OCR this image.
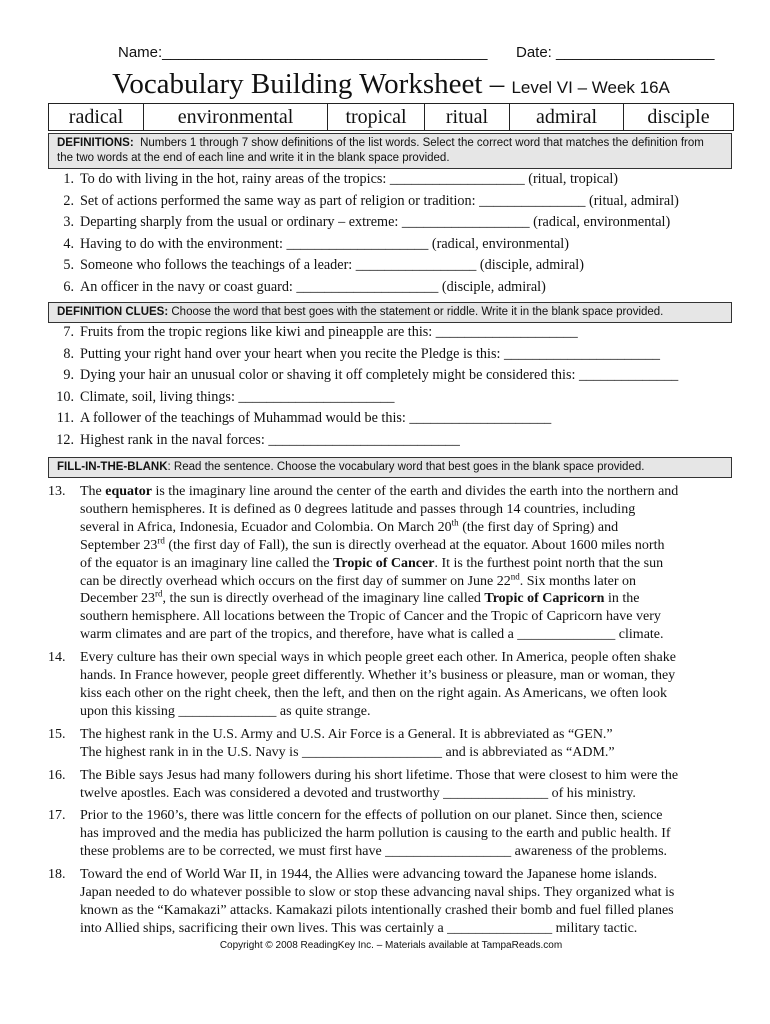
Name:_______________________________________ Date: ___________________
Vocabulary Building Worksheet – Level VI – Week 16A
radical	environmental	tropical	ritual	admiral	disciple
DEFINITIONS: Numbers 1 through 7 show definitions of the list words. Select the correct word that matches the definition from the two words at the end of each line and write it in the blank space provided.
1. To do with living in the hot, rainy areas of the tropics: ___________________ (ritual, tropical)
2. Set of actions performed the same way as part of religion or tradition: _______________ (ritual, admiral)
3. Departing sharply from the usual or ordinary – extreme: __________________ (radical, environmental)
4. Having to do with the environment: ____________________ (radical, environmental)
5. Someone who follows the teachings of a leader: _________________ (disciple, admiral)
6. An officer in the navy or coast guard: ____________________ (disciple, admiral)
DEFINITION CLUES: Choose the word that best goes with the statement or riddle. Write it in the blank space provided.
7. Fruits from the tropic regions like kiwi and pineapple are this: ____________________
8. Putting your right hand over your heart when you recite the Pledge is this: ______________________
9. Dying your hair an unusual color or shaving it off completely might be considered this: ______________
10. Climate, soil, living things: ______________________
11. A follower of the teachings of Muhammad would be this: ____________________
12. Highest rank in the naval forces: ___________________________
FILL-IN-THE-BLANK: Read the sentence. Choose the vocabulary word that best goes in the blank space provided.
13.	The equator is the imaginary line around the center of the earth and divides the earth into the northern and
southern hemispheres. It is defined as 0 degrees latitude and passes through 14 countries, including
several in Africa, Indonesia, Ecuador and Colombia. On March 20th (the first day of Spring) and
September 23rd (the first day of Fall), the sun is directly overhead at the equator. About 1600 miles north
of the equator is an imaginary line called the Tropic of Cancer. It is the furthest point north that the sun
can be directly overhead which occurs on the first day of summer on June 22nd. Six months later on
December 23rd, the sun is directly overhead of the imaginary line called Tropic of Capricorn in the
southern hemisphere. All locations between the Tropic of Cancer and the Tropic of Capricorn have very
warm climates and are part of the tropics, and therefore, have what is called a ______________ climate.
14.	Every culture has their own special ways in which people greet each other. In America, people often shake
hands. In France however, people greet differently. Whether it’s business or pleasure, man or woman, they
kiss each other on the right cheek, then the left, and then on the right again. As Americans, we often look
upon this kissing ______________ as quite strange.
15.	The highest rank in the U.S. Army and U.S. Air Force is a General. It is abbreviated as “GEN.”
The highest rank in in the U.S. Navy is ____________________ and is abbreviated as “ADM.”
16.	The Bible says Jesus had many followers during his short lifetime. Those that were closest to him were the
twelve apostles. Each was considered a devoted and trustworthy _______________ of his ministry.
17.	Prior to the 1960’s, there was little concern for the effects of pollution on our planet. Since then, science
has improved and the media has publicized the harm pollution is causing to the earth and public health. If
these problems are to be corrected, we must first have __________________ awareness of the problems.
18.	Toward the end of World War II, in 1944, the Allies were advancing toward the Japanese home islands.
Japan needed to do whatever possible to slow or stop these advancing naval ships. They organized what is
known as the “Kamakazi” attacks. Kamakazi pilots intentionally crashed their bomb and fuel filled planes
into Allied ships, sacrificing their own lives. This was certainly a _______________ military tactic.
Copyright © 2008 ReadingKey Inc. – Materials available at TampaReads.com
